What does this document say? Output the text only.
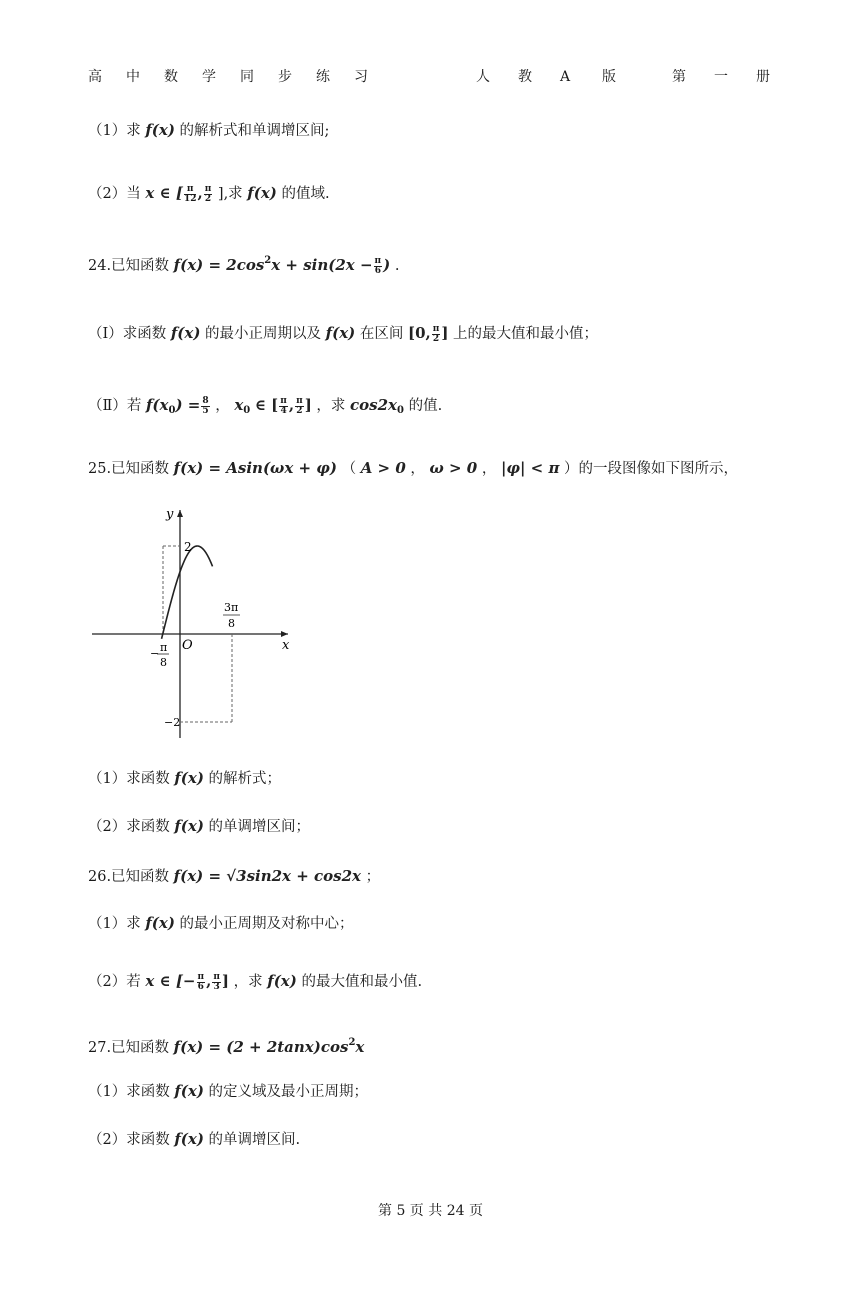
高 中 数 学 同 步 练 习	人 教 A 版	第 一 册
（1）求 f(x) 的解析式和单调增区间;
（2）当 x ∈ [ $\frac{\pi}{12}$ , $\frac{\pi}{2}$ ],求 f(x) 的值域.
24.已知函数 $f(x) = 2\cos^2x + \sin(2x - \frac{\pi}{6}$ ) .
（Ⅰ）求函数 f(x) 的最小正周期以及 f(x) 在区间 [0, $\frac{\pi}{2}$ ] 上的最大值和最小值；
（Ⅱ）若 $f(x_0) = \frac{8}{5}$ ， $x_0$ ∈ [ $\frac{\pi}{4}$ , $\frac{\pi}{2}$ ] ，求 $\cos 2x_0$ 的值.
25.已知函数 f(x) = Asin(ωx + φ) （ A > 0 ， ω > 0 ， |φ| < π ）的一段图像如下图所示，
y
x
O
2
−2
− π
8
3π
8
（1）求函数 f(x) 的解析式；
（2）求函数 f(x) 的单调增区间；
26.已知函数 f(x) = √3sin2x + cos2x ；
（1）求 f(x) 的最小正周期及对称中心；
（2）若 x ∈ [− $\frac{\pi}{6}$ , $\frac{\pi}{3}$ ] ，求 f(x) 的最大值和最小值.
27.已知函数 $f(x) = (2 + 2\tan x)\cos^2x$
（1）求函数 f(x) 的定义域及最小正周期；
（2）求函数 f(x) 的单调增区间.
第 5 页 共 24 页
